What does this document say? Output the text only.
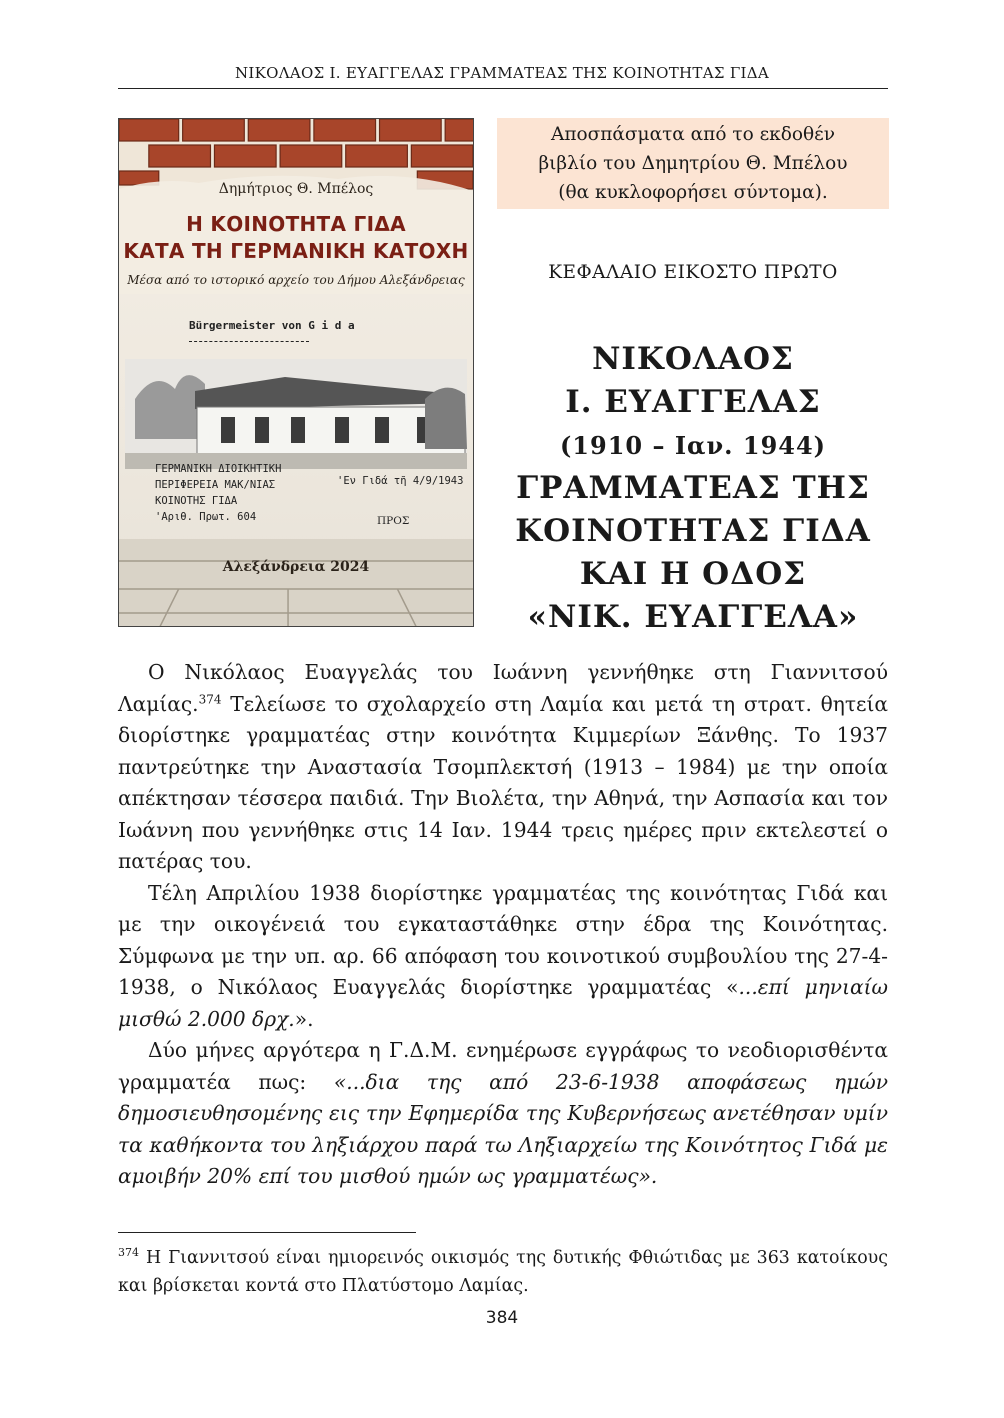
ΝΙΚΟΛΑΟΣ Ι. ΕΥΑΓΓΕΛΑΣ ΓΡΑΜΜΑΤΕΑΣ ΤΗΣ ΚΟΙΝΟΤΗΤΑΣ ΓΙΔΑ
Δημήτριος Θ. Μπέλος
Η ΚΟΙΝΟΤΗΤΑ ΓΙΔΑ
ΚΑΤΑ ΤΗ ΓΕΡΜΑΝΙΚΗ ΚΑΤΟΧΗ
Μέσα από το ιστορικό αρχείο του Δήμου Αλεξάνδρειας
Bürgermeister von G i d a
ΓΕΡΜΑΝΙΚΗ ΔΙΟΙΚΗΤΙΚΗ
ΠΕΡΙΦΕΡΕΙΑ ΜΑΚ/ΝΙΑΣ
ΚΟΙΝΟΤΗΣ ΓΙΔΑ
'Αριθ. Πρωτ. 604
'Εν Γιδά τῆ 4/9/1943
ΠΡΟΣ
Αλεξάνδρεια 2024
Αποσπάσματα από το εκδοθέν
βιβλίο του Δημητρίου Θ. Μπέλου
(θα κυκλοφορήσει σύντομα).
ΚΕΦΑΛΑΙΟ ΕΙΚΟΣΤΟ ΠΡΩΤΟ
ΝΙΚΟΛΑΟΣ
Ι. ΕΥΑΓΓΕΛΑΣ
(1910 – Ιαν. 1944)
ΓΡΑΜΜΑΤΕΑΣ ΤΗΣ
ΚΟΙΝΟΤΗΤΑΣ ΓΙΔΑ
ΚΑΙ Η ΟΔΟΣ
«ΝΙΚ. ΕΥΑΓΓΕΛΑ»

Ο Νικόλαος Ευαγγελάς του Ιωάννη γεννήθηκε στη Γιαννιτσού Λαμίας.$^{374}$ Τελείωσε το σχολαρχείο στη Λαμία και μετά τη στρατ. θητεία διορίστηκε γραμματέας στην κοινότητα Κιμμερίων Ξάνθης. Το 1937 παντρεύτηκε την Αναστασία Τσομπλεκτσή (1913 – 1984) με την οποία απέκτησαν τέσσερα παιδιά. Την Βιολέτα, την Αθηνά, την Ασπασία και τον Ιωάννη που γεννήθηκε στις 14 Ιαν. 1944 τρεις ημέρες πριν εκτελεστεί ο πατέρας του.

Τέλη Απριλίου 1938 διορίστηκε γραμματέας της κοινότητας Γιδά και με την οικογένειά του εγκαταστάθηκε στην έδρα της Κοινότητας. Σύμφωνα με την υπ. αρ. 66 απόφαση του κοινοτικού συμβουλίου της 27-4-1938, ο Νικόλαος Ευαγγελάς διορίστηκε γραμματέας «...επί μηνιαίω μισθώ 2.000 δρχ.».

Δύο μήνες αργότερα η Γ.Δ.Μ. ενημέρωσε εγγράφως το νεοδιορισθέντα γραμματέα πως: «...δια της από 23-6-1938 αποφάσεως ημών δημοσιευθησομένης εις την Εφημερίδα της Κυβερνήσεως ανετέθησαν υμίν τα καθήκοντα του ληξιάρχου παρά τω Ληξιαρχείω της Κοινότητος Γιδά με αμοιβήν 20% επί του μισθού ημών ως γραμματέως».

$^{374}$ Η Γιαννιτσού είναι ημιορεινός οικισμός της δυτικής Φθιώτιδας με 363 κατοίκους και βρίσκεται κοντά στο Πλατύστομο Λαμίας.
384
